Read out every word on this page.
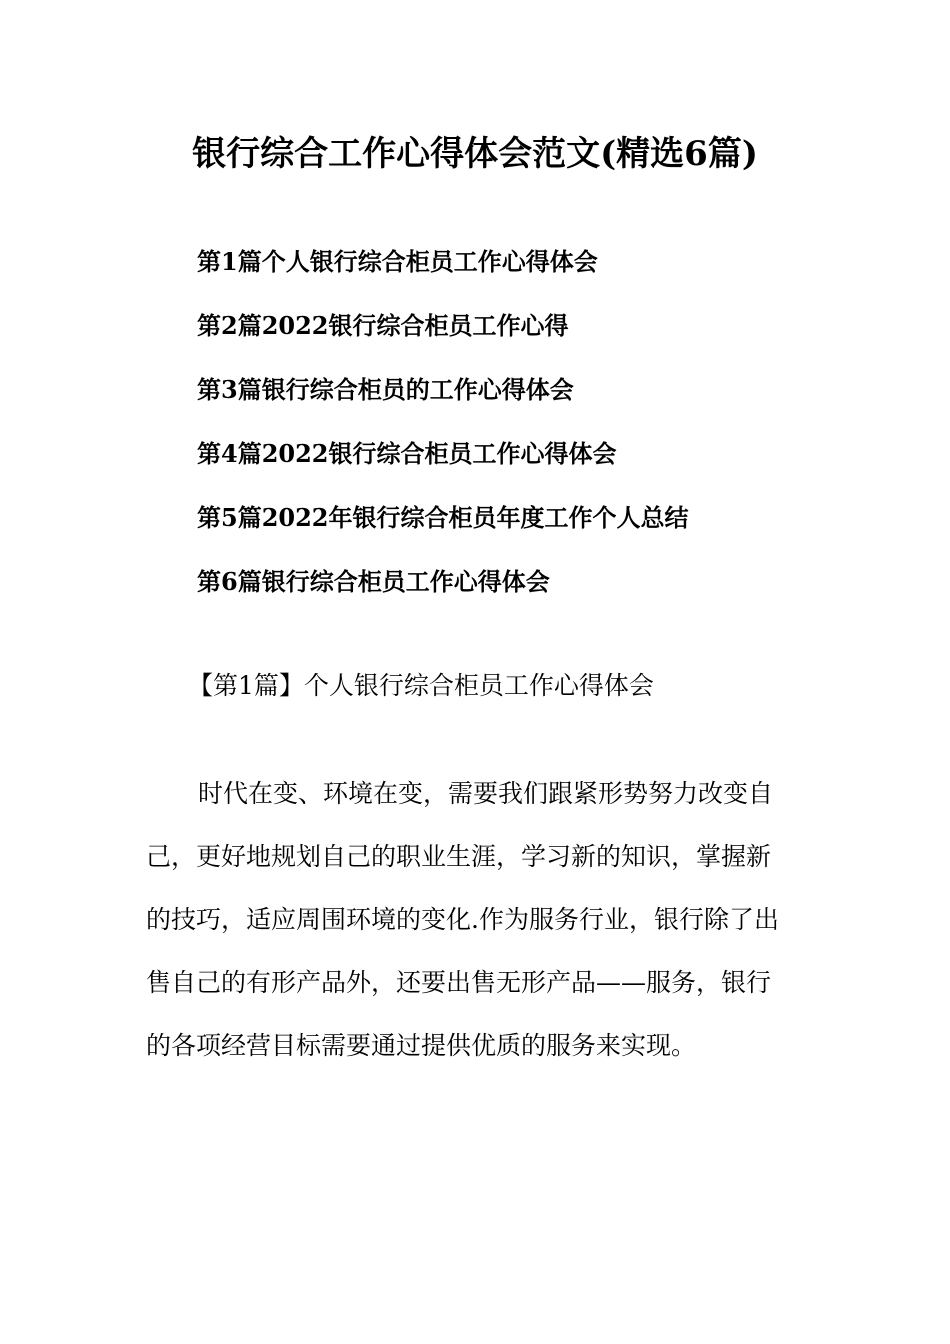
银行综合工作心得体会范文(精选6篇)
第1篇个人银行综合柜员工作心得体会
第2篇2022银行综合柜员工作心得
第3篇银行综合柜员的工作心得体会
第4篇2022银行综合柜员工作心得体会
第5篇2022年银行综合柜员年度工作个人总结
第6篇银行综合柜员工作心得体会
【第1篇】个人银行综合柜员工作心得体会

时代在变、环境在变，需要我们跟紧形势努力改变自
己，更好地规划自己的职业生涯，学习新的知识，掌握新
的技巧，适应周围环境的变化.作为服务行业，银行除了出
售自己的有形产品外，还要出售无形产品——服务，银行
的各项经营目标需要通过提供优质的服务来实现。
